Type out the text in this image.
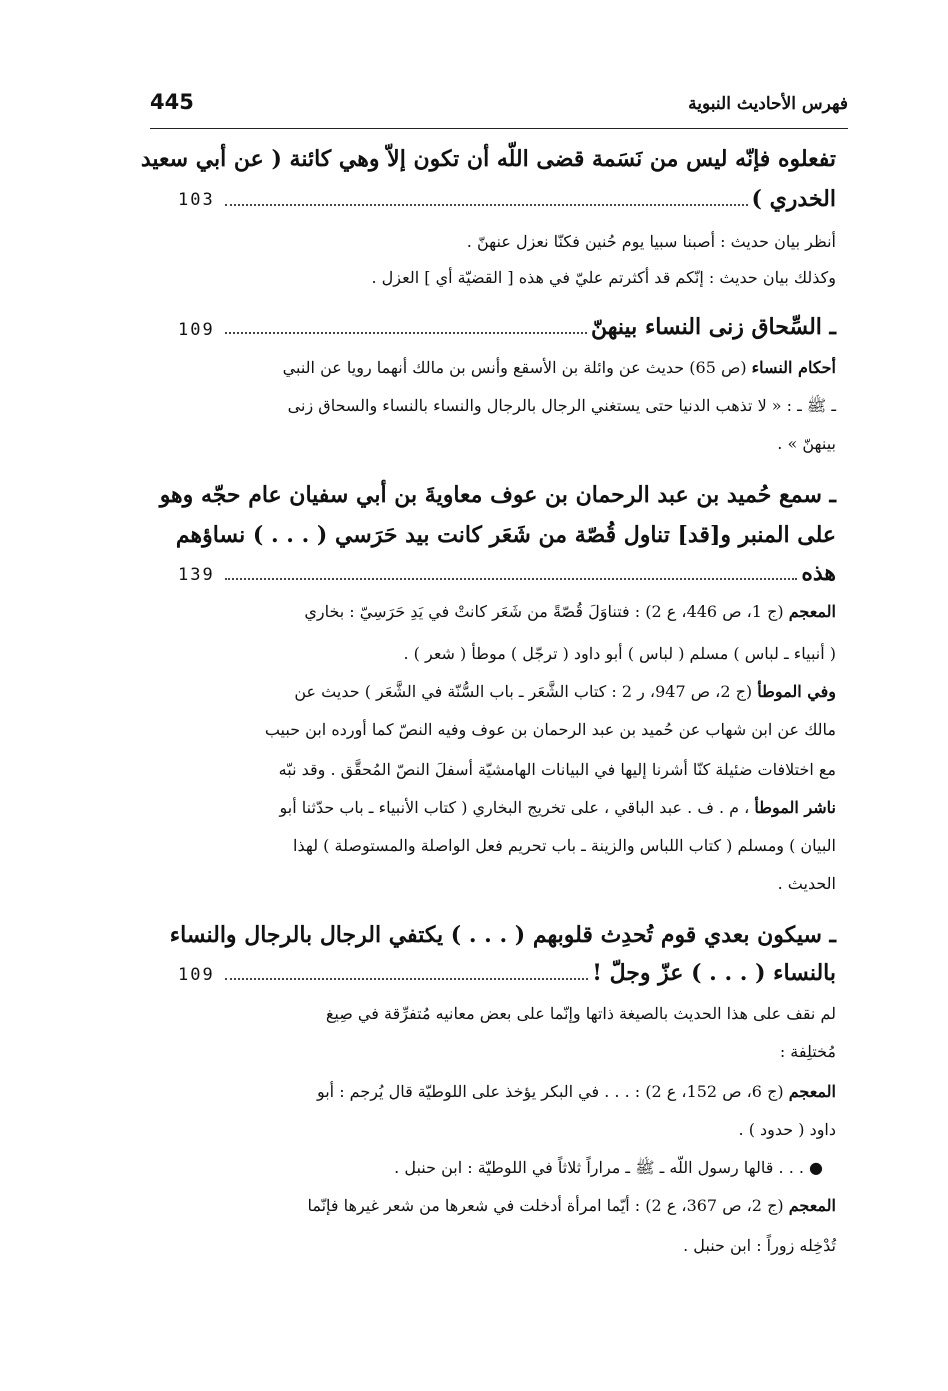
فهرس الأحاديث النبوية
445
تفعلوه فإنّه ليس من نَسَمة قضى اللّه أن تكون إلاّ وهي كائنة ( عن أبي سعيد
الخدري )
103
أنظر بيان حديث : أصبنا سبيا يوم حُنين فكنّا نعزل عنهنّ .
وكذلك بيان حديث : إنّكم قد أكثرتم عليّ في هذه [ القضيّة أي ] العزل .
ـ السِّحاق زنى النساء بينهنّ
109
أحكام النساء (ص 65) حديث عن وائلة بن الأسقع وأنس بن مالك أنهما رويا عن النبي
ـ ﷺ ـ : « لا تذهب الدنيا حتى يستغني الرجال بالرجال والنساء بالنساء والسحاق زنى
بينهنّ » .
ـ سمع حُميد بن عبد الرحمان بن عوف معاويةَ بن أبي سفيان عام حجّه وهو
على المنبر و[قد] تناول قُصّة من شَعَر كانت بيد حَرَسي ( . . . ) نساؤهم
هذه
139
المعجم (ج 1، ص 446، ع 2) : فتناوَلَ قُصّةً من شَعَر كانتْ في يَدِ حَرَسِيّ : بخاري
( أنبياء ـ لباس ) مسلم ( لباس ) أبو داود ( ترجّل ) موطأ ( شعر ) .
وفي الموطأ (ج 2، ص 947، ر 2 : كتاب الشَّعَر ـ باب السُّنّة في الشَّعَر ) حديث عن
مالك عن ابن شهاب عن حُميد بن عبد الرحمان بن عوف وفيه النصّ كما أورده ابن حبيب
مع اختلافات ضئيلة كنّا أشرنا إليها في البيانات الهامشيّة أسفلَ النصّ المُحقَّق . وقد نبّه
ناشر الموطأ ، م . ف . عبد الباقي ، على تخريج البخاري ( كتاب الأنبياء ـ باب حدّثنا أبو
البيان ) ومسلم ( كتاب اللباس والزينة ـ باب تحريم فعل الواصلة والمستوصلة ) لهذا
الحديث .
ـ سيكون بعدي قوم تُحدِث قلوبهم ( . . . ) يكتفي الرجال بالرجال والنساء
بالنساء ( . . . ) عزّ وجلّ !
109
لم نقف على هذا الحديث بالصيغة ذاتها وإنّما على بعض معانيه مُتفرِّقة في صِيغ
مُختلِفة :
المعجم (ج 6، ص 152، ع 2) : . . . في البكر يؤخذ على اللوطيّة قال يُرجم : أبو
داود ( حدود ) .
● . . . قالها رسول اللّه ـ ﷺ ـ مراراً ثلاثاً في اللوطيّة : ابن حنبل .
المعجم (ج 2، ص 367، ع 2) : أيّما امرأة أدخلت في شعرها من شعر غيرها فإنّما
تُدْخِله زوراً : ابن حنبل .
